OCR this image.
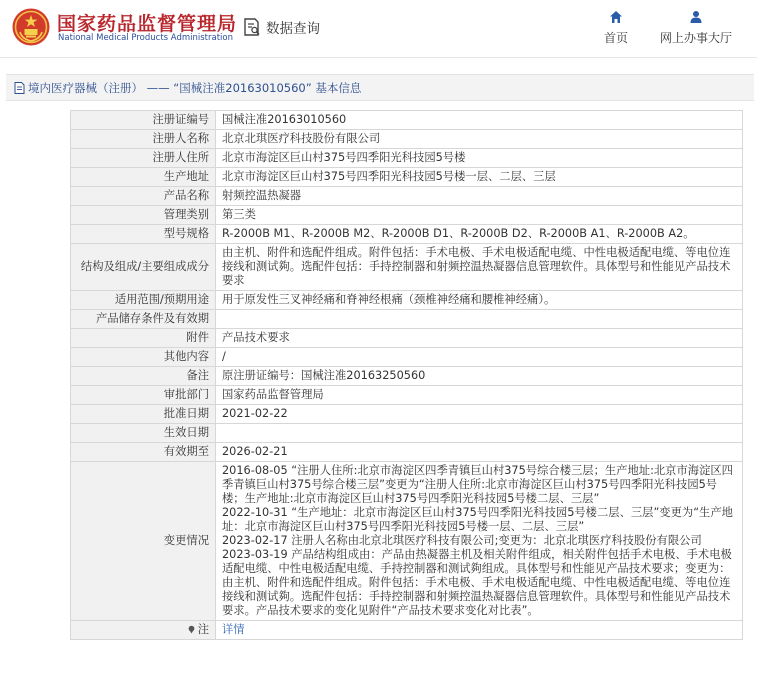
国家药品监督管理局
National Medical Products Administration
数据查询
首页	网上办事大厅
境内医疗器械（注册） —— “国械注准20163010560” 基本信息
注册证编号	国械注准20163010560
注册人名称	北京北琪医疗科技股份有限公司
注册人住所	北京市海淀区巨山村375号四季阳光科技园5号楼
生产地址	北京市海淀区巨山村375号四季阳光科技园5号楼一层、二层、三层
产品名称	射频控温热凝器
管理类别	第三类
型号规格	R-2000B M1、R-2000B M2、R-2000B D1、R-2000B D2、R-2000B A1、R-2000B A2。
结构及组成/主要组成成分	由主机、附件和选配件组成。附件包括：手术电极、手术电极适配电缆、中性电极适配电缆、等电位连接线和测试夠。选配件包括：手持控制器和射频控温热凝器信息管理软件。具体型号和性能见产品技术要求
适用范围/预期用途	用于原发性三叉神经痛和脊神经根痛（颈椎神经痛和腰椎神经痛）。
产品储存条件及有效期	
附件	产品技术要求
其他内容	/
备注	原注册证编号：国械注准20163250560
审批部门	国家药品监督管理局
批准日期	2021-02-22
生效日期	
有效期至	2026-02-21
变更情况	2016-08-05 “注册人住所:北京市海淀区四季青镇巨山村375号综合楼三层；生产地址:北京市海淀区四季青镇巨山村375号综合楼三层”变更为“注册人住所:北京市海淀区巨山村375号四季阳光科技园5号楼；生产地址:北京市海淀区巨山村375号四季阳光科技园5号楼二层、三层”
2022-10-31 “生产地址：北京市海淀区巨山村375号四季阳光科技园5号楼二层、三层”变更为“生产地址：北京市海淀区巨山村375号四季阳光科技园5号楼一层、二层、三层”
2023-02-17 注册人名称由北京北琪医疗科技有限公司;变更为：北京北琪医疗科技股份有限公司
2023-03-19 产品结构组成由：产品由热凝器主机及相关附件组成，相关附件包括手术电极、手术电极适配电缆、中性电极适配电缆、手持控制器和测试夠组成。具体型号和性能见产品技术要求；变更为：由主机、附件和选配件组成。附件包括：手术电极、手术电极适配电缆、中性电极适配电缆、等电位连接线和测试夠。选配件包括：手持控制器和射频控温热凝器信息管理软件。具体型号和性能见产品技术要求。产品技术要求的变化见附件“产品技术要求变化对比表”。

注	详情
